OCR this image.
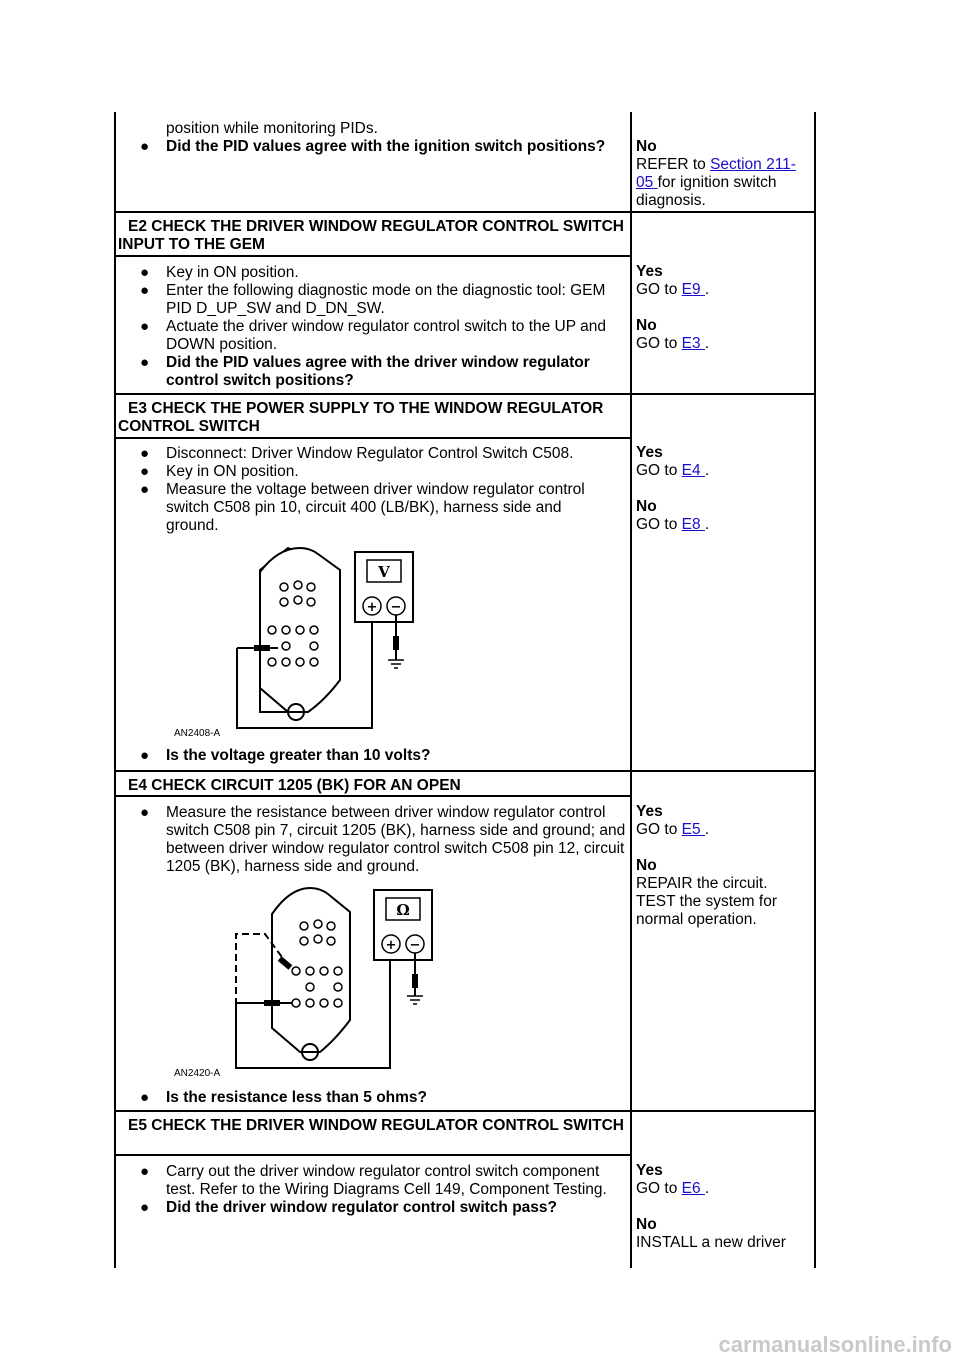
position while monitoring PIDs.
● Did the PID values agree with the ignition switch positions?	No

REFER to Section 211-05 for ignition switch diagnosis.

E2 CHECK THE DRIVER WINDOW REGULATOR CONTROL SWITCH INPUT TO THE GEM
● Key in ON position.
● Enter the following diagnostic mode on the diagnostic tool: GEM PID D_UP_SW and D_DN_SW.
● Actuate the driver window regulator control switch to the UP and DOWN position.
● Did the PID values agree with the driver window regulator control switch positions?

Yes

GO to E9 .

No

GO to E3 .

E3 CHECK THE POWER SUPPLY TO THE WINDOW REGULATOR CONTROL SWITCH
● Disconnect: Driver Window Regulator Control Switch C508.
● Key in ON position.
● Measure the voltage between driver window regulator control switch C508 pin 10, circuit 400 (LB/BK), harness side and ground.
V
+ −
AN2408-A
● Is the voltage greater than 10 volts?

Yes

GO to E4 .

No

GO to E8 .

E4 CHECK CIRCUIT 1205 (BK) FOR AN OPEN
● Measure the resistance between driver window regulator control switch C508 pin 7, circuit 1205 (BK), harness side and ground; and between driver window regulator control switch C508 pin 12, circuit 1205 (BK), harness side and ground.
Ω
+ −
AN2420-A
● Is the resistance less than 5 ohms?

Yes

GO to E5 .

No

REPAIR the circuit. TEST the system for normal operation.

E5 CHECK THE DRIVER WINDOW REGULATOR CONTROL SWITCH
● Carry out the driver window regulator control switch component test. Refer to the Wiring Diagrams Cell 149, Component Testing.
● Did the driver window regulator control switch pass?

Yes

GO to E6 .

No

INSTALL a new driver

carmanualsonline.info
